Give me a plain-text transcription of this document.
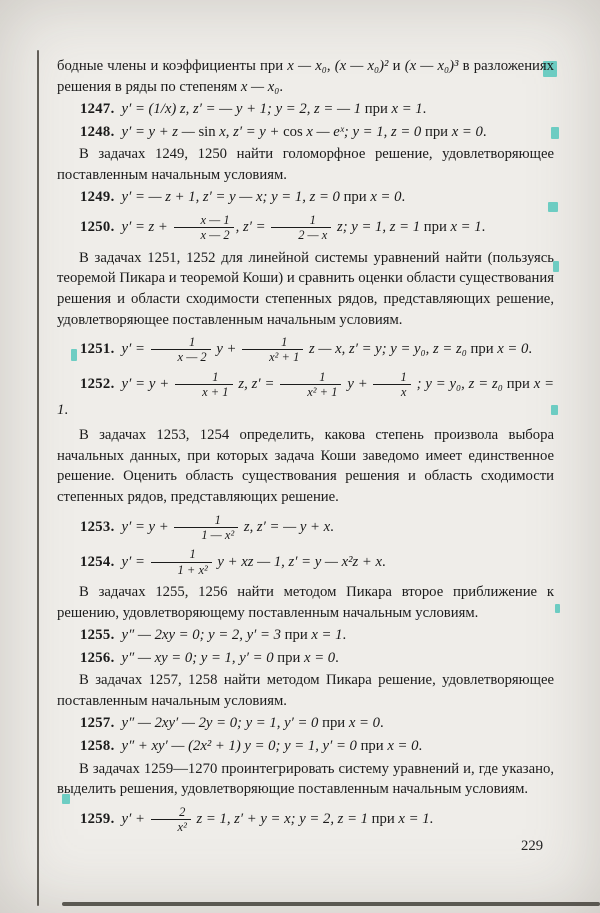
бодные члены и коэффициенты при x — x₀, (x — x₀)² и (x — x₀)³ в разложениях решения в ряды по степеням x — x₀.
1247. y′ = (1/x) z, z′ = — y + 1; y = 2, z = — 1 при x = 1.
1248. y′ = y + z — sin x, z′ = y + cos x — eˣ; y = 1, z = 0 при x = 0.
В задачах 1249, 1250 найти голоморфное решение, удовлетворяющее поставленным начальным условиям.
1249. y′ = — z + 1, z′ = y — x; y = 1, z = 0 при x = 0.
1250. $y' = z + \frac{x — 1}{x — 2}$ , $z' = \frac{1}{2 — x} z$; y = 1, z = 1 при x = 1.
В задачах 1251, 1252 для линейной системы уравнений найти (пользуясь теоремой Пикара и теоремой Коши) и сравнить оценки области существования решения и области сходимости степенных рядов, представляющих решение, удовлетворяющее поставленным начальным условиям.
1251. $y' = \frac{1}{x — 2}$ $y + \frac{1}{\text{x² + 1}}$ z — x, z′ = y; y = y₀, z = z₀ при x = 0.
1252. $y' = y + \frac{1}{x + 1} z$, $z' = \frac{1}{\text{x² + 1}}$ $y + \frac{1}{x}$ ; y = y₀, z = z₀ при x = 1.
В задачах 1253, 1254 определить, какова степень произвола выбора начальных данных, при которых задача Коши заведомо имеет единственное решение. Оценить область существования решения и область сходимости степенных рядов, представляющих решение.
1253. $y' = y + \frac{1}{\text{1 — x²}} z$, z′ = — y + x.
1254. $y' = \frac{1}{\text{1 + x²}}$ y + xz — 1, z′ = y — x²z + x.
В задачах 1255, 1256 найти методом Пикара второе приближение к решению, удовлетворяющему поставленным начальным условиям.
1255. y″ — 2xy = 0; y = 2, y′ = 3 при x = 1.
1256. y″ — xy = 0; y = 1, y′ = 0 при x = 0.
В задачах 1257, 1258 найти методом Пикара решение, удовлетворяющее поставленным начальным условиям.
1257. y″ — 2xy′ — 2y = 0; y = 1, y′ = 0 при x = 0.
1258. y″ + xy′ — (2x² + 1) y = 0; y = 1, y′ = 0 при x = 0.
В задачах 1259—1270 проинтегрировать систему уравнений и, где указано, выделить решения, удовлетворяющие поставленным начальным условиям.
1259. $y' + \frac{2}{\text{x²}}$ z = 1, z′ + y = x; y = 2, z = 1 при x = 1.
229
